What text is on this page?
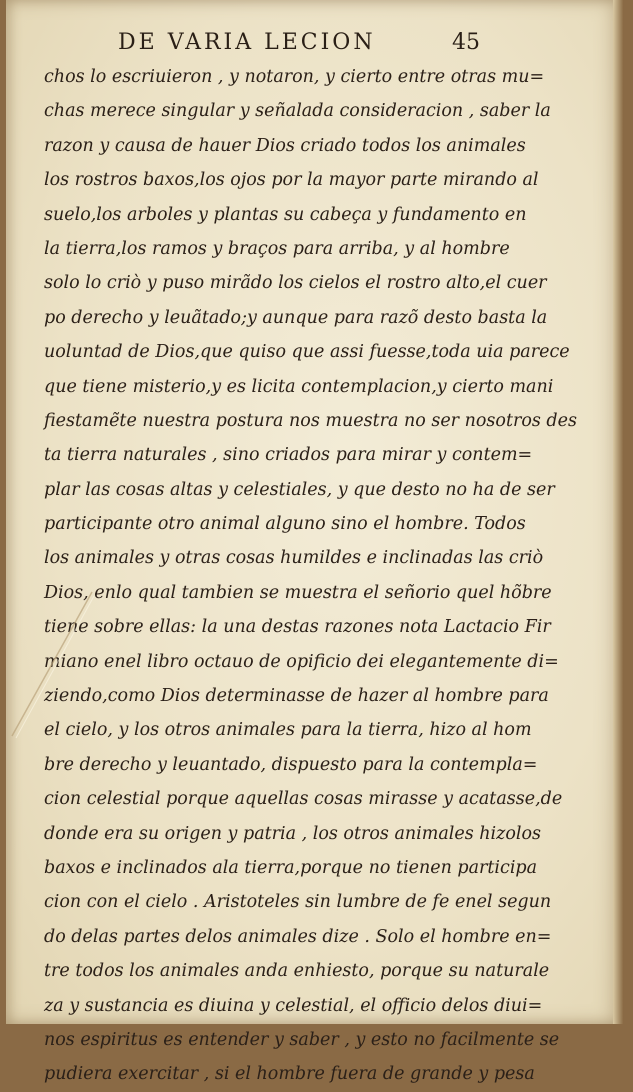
DE VARIA LECION	45
chos lo escriuieron , y notaron, y cierto entre otras mu=
chas merece singular y señalada consideracion , saber la
razon y causa de hauer Dios criado todos los animales
los rostros baxos,los ojos por la mayor parte mirando al
suelo,los arboles y plantas su cabeça y fundamento en
la tierra,los ramos y braços para arriba, y al hombre
solo lo criò y puso mirãdo los cielos el rostro alto,el cuer
po derecho y leuãtado;y aunque para razõ desto basta la
uoluntad de Dios,que quiso que assi fuesse,toda uia parece
que tiene misterio,y es licita contemplacion,y cierto mani
fiestamẽte nuestra postura nos muestra no ser nosotros des
ta tierra naturales , sino criados para mirar y contem=
plar las cosas altas y celestiales, y que desto no ha de ser
participante otro animal alguno sino el hombre. Todos
los animales y otras cosas humildes e inclinadas las criò
Dios, enlo qual tambien se muestra el señorio quel hõbre
tiene sobre ellas: la una destas razones nota Lactacio Fir
miano enel libro octauo de opificio dei elegantemente di=
ziendo,como Dios determinasse de hazer al hombre para
el cielo, y los otros animales para la tierra, hizo al hom
bre derecho y leuantado, dispuesto para la contempla=
cion celestial porque aquellas cosas mirasse y acatasse,de
donde era su origen y patria , los otros animales hizolos
baxos e inclinados ala tierra,porque no tienen participa
cion con el cielo . Aristoteles sin lumbre de fe enel segun
do delas partes delos animales dize . Solo el hombre en=
tre todos los animales anda enhiesto, porque su naturale
za y sustancia es diuina y celestial, el officio delos diui=
nos espiritus es entender y saber , y esto no facilmente se
pudiera exercitar , si el hombre fuera de grande y pesa
